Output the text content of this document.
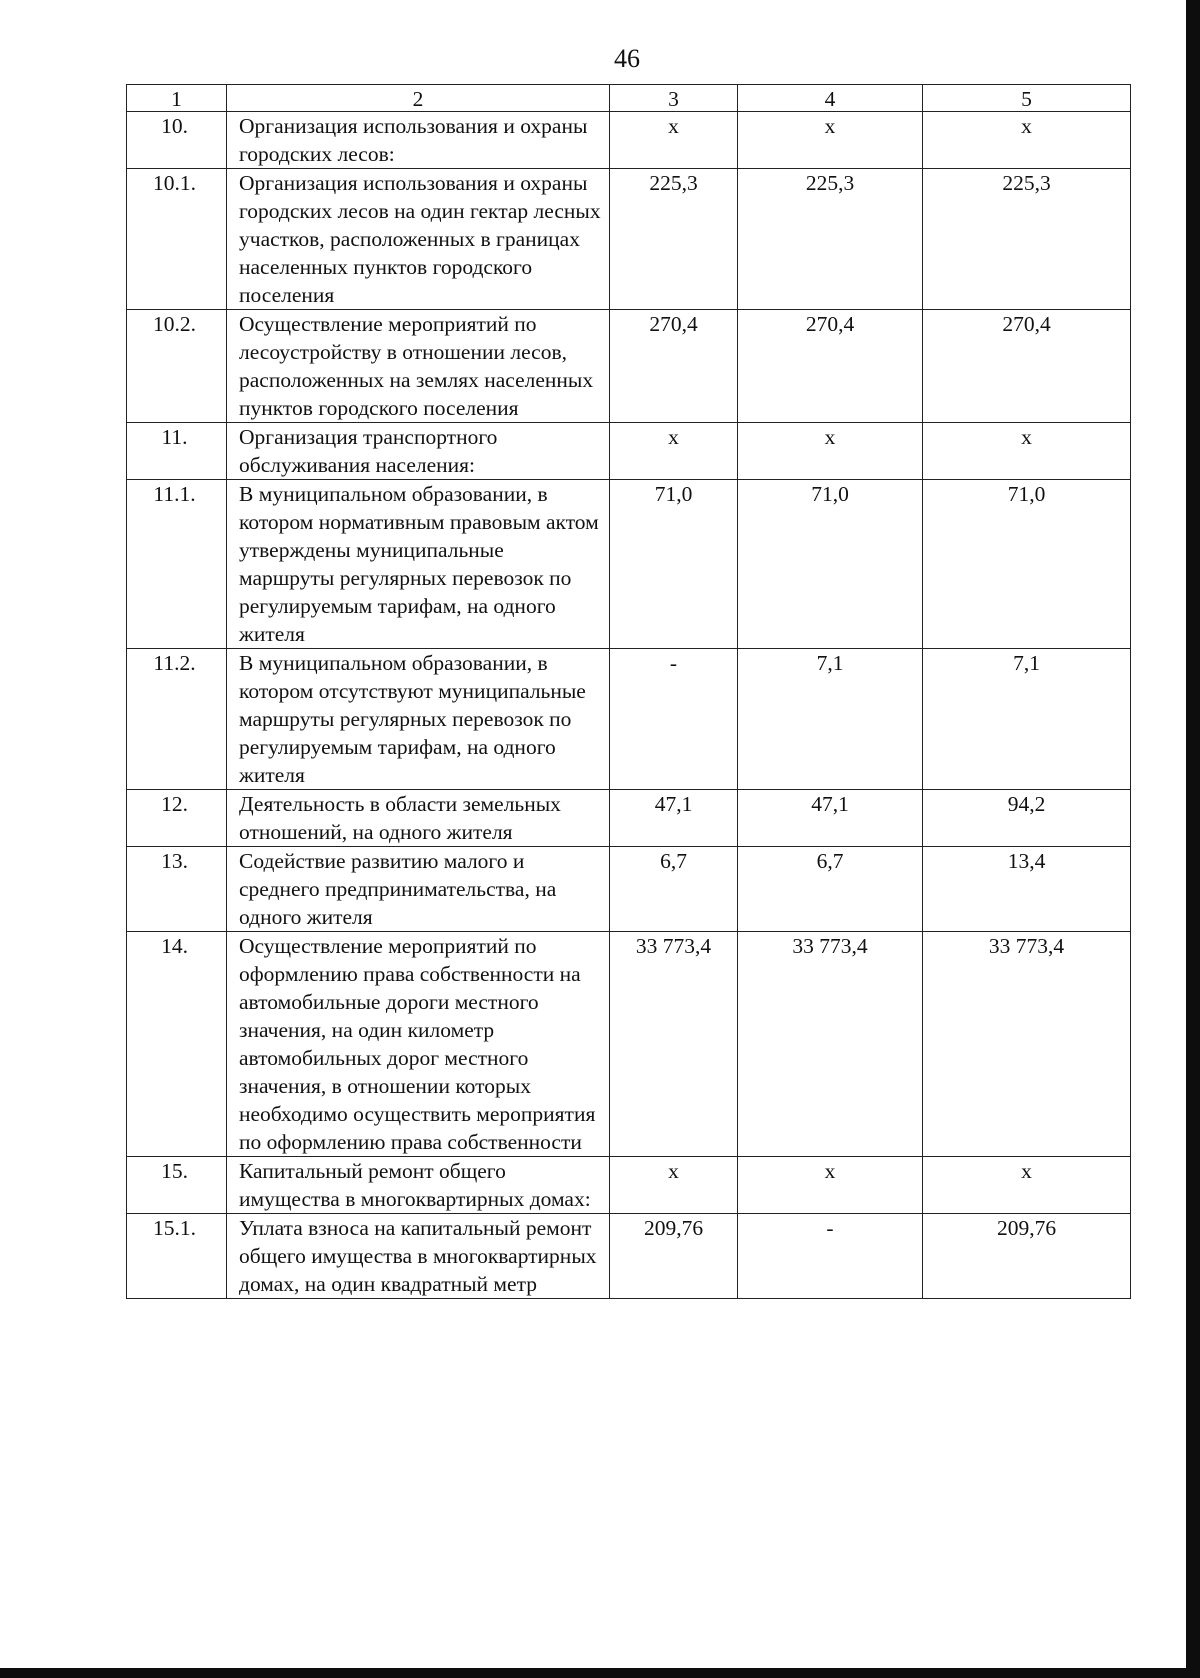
46
1	2	3	4	5
10.	Организация использования и охраны городских лесов:	х	х	х
10.1.	Организация использования и охраны городских лесов на один гектар лесных участков, расположенных в границах населенных пунктов городского поселения	225,3	225,3	225,3
10.2.	Осуществление мероприятий по лесоустройству в отношении лесов, расположенных на землях населенных пунктов городского поселения	270,4	270,4	270,4
11.	Организация транспортного обслуживания населения:	х	х	х
11.1.	В муниципальном образовании, в котором нормативным правовым актом утверждены муниципальные маршруты регулярных перевозок по регулируемым тарифам, на одного жителя	71,0	71,0	71,0
11.2.	В муниципальном образовании, в котором отсутствуют муниципальные маршруты регулярных перевозок по регулируемым тарифам, на одного жителя	-	7,1	7,1
12.	Деятельность в области земельных отношений, на одного жителя	47,1	47,1	94,2
13.	Содействие развитию малого и среднего предпринимательства, на одного жителя	6,7	6,7	13,4
14.	Осуществление мероприятий по оформлению права собственности на автомобильные дороги местного значения, на один километр автомобильных дорог местного значения, в отношении которых необходимо осуществить мероприятия по оформлению права собственности	33 773,4	33 773,4	33 773,4
15.	Капитальный ремонт общего имущества в многоквартирных домах:	х	х	х
15.1.	Уплата взноса на капитальный ремонт общего имущества в многоквартирных домах, на один квадратный метр	209,76	-	209,76
